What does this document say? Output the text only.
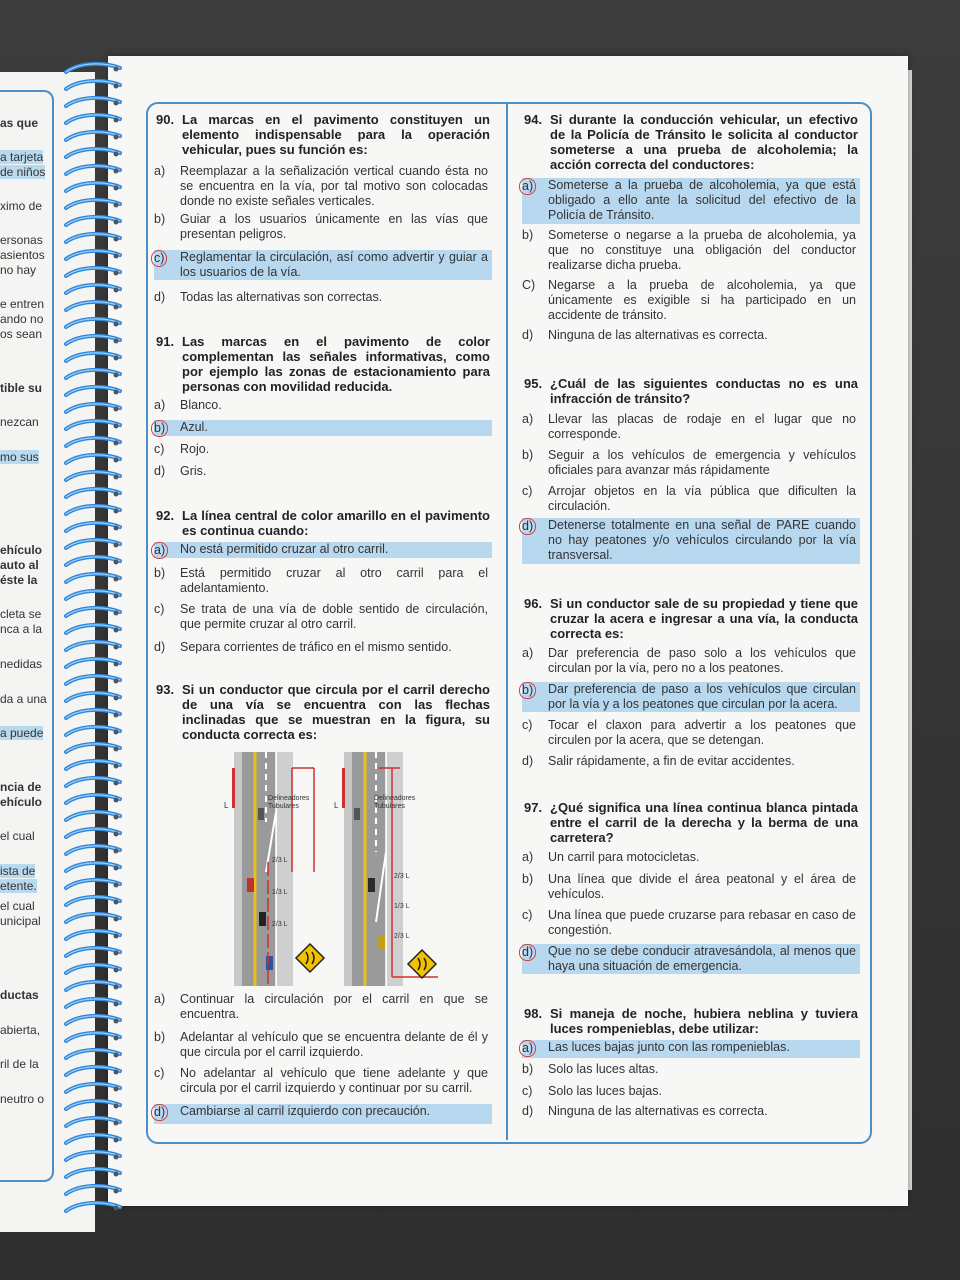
as que
a tarjeta
de niños
ximo de
ersonas
asientos
no hay
e entren
ando no
os sean
tible su
nezcan
mo sus
ehículo
auto al
éste la
cleta se
nca a la
nedidas
da a una
a puede
ncia de
ehículo
el cual
ista de
etente.
el cual
unicipal
ductas
abierta,
ril de la
neutro o
90. La marcas en el pavimento constituyen un elemento indispensable para la operación vehicular, pues su función es:
a) Reemplazar a la señalización vertical cuando ésta no se encuentra en la vía, por tal motivo son colocadas donde no existe señales verticales.
b) Guiar a los usuarios únicamente en las vías que presentan peligros.
c) Reglamentar la circulación, así como advertir y guiar a los usuarios de la vía.
d) Todas las alternativas son correctas.
91. Las marcas en el pavimento de color complementan las señales informativas, como por ejemplo las zonas de estacionamiento para personas con movilidad reducida.
a) Blanco.
b) Azul.
c) Rojo.
d) Gris.
92. La línea central de color amarillo en el pavimento es continua cuando:
a) No está permitido cruzar al otro carril.
b) Está permitido cruzar al otro carril para el adelantamiento.
c) Se trata de una vía de doble sentido de circulación, que permite cruzar al otro carril.
d) Separa corrientes de tráfico en el mismo sentido.
93. Si un conductor que circula por el carril derecho de una vía se encuentra con las flechas inclinadas que se muestran en la figura, su conducta correcta es:
a) Continuar la circulación por el carril en que se encuentra.
b) Adelantar al vehículo que se encuentra delante de él y que circula por el carril izquierdo.
c) No adelantar al vehículo que tiene adelante y que circula por el carril izquierdo y continuar por su carril.
d) Cambiarse al carril izquierdo con precaución.
94. Si durante la conducción vehicular, un efectivo de la Policía de Tránsito le solicita al conductor someterse a una prueba de alcoholemia; la acción correcta del conductores:
a) Someterse a la prueba de alcoholemia, ya que está obligado a ello ante la solicitud del efectivo de la Policía de Tránsito.
b) Someterse o negarse a la prueba de alcoholemia, ya que no constituye una obligación del conductor realizarse dicha prueba.
C) Negarse a la prueba de alcoholemia, ya que únicamente es exigible si ha participado en un accidente de tránsito.
d) Ninguna de las alternativas es correcta.
95. ¿Cuál de las siguientes conductas no es una infracción de tránsito?
a) Llevar las placas de rodaje en el lugar que no corresponde.
b) Seguir a los vehículos de emergencia y vehículos oficiales para avanzar más rápidamente
c) Arrojar objetos en la vía pública que dificulten la circulación.
d) Detenerse totalmente en una señal de PARE cuando no hay peatones y/o vehículos circulando por la vía transversal.
96. Si un conductor sale de su propiedad y tiene que cruzar la acera e ingresar a una vía, la conducta correcta es:
a) Dar preferencia de paso solo a los vehículos que circulan por la vía, pero no a los peatones.
b) Dar preferencia de paso a los vehículos que circulan por la vía y a los peatones que circulan por la acera.
c) Tocar el claxon para advertir a los peatones que circulen por la acera, que se detengan.
d) Salir rápidamente, a fin de evitar accidentes.
97. ¿Qué significa una línea continua blanca pintada entre el carril de la derecha y la berma de una carretera?
a) Un carril para motocicletas.
b) Una línea que divide el área peatonal y el área de vehículos.
c) Una línea que puede cruzarse para rebasar en caso de congestión.
d) Que no se debe conducir atravesándola, al menos que haya una situación de emergencia.
98. Si maneja de noche, hubiera neblina y tuviera luces rompenieblas, debe utilizar:
a) Las luces bajas junto con las rompenieblas.
b) Solo las luces altas.
c) Solo las luces bajas.
d) Ninguna de las alternativas es correcta.
L
Delineadores
Tubulares
2/3 L
1/3 L
2/3 L
L
Delineadores
Tubulares
2/3 L
1/3 L
2/3 L
